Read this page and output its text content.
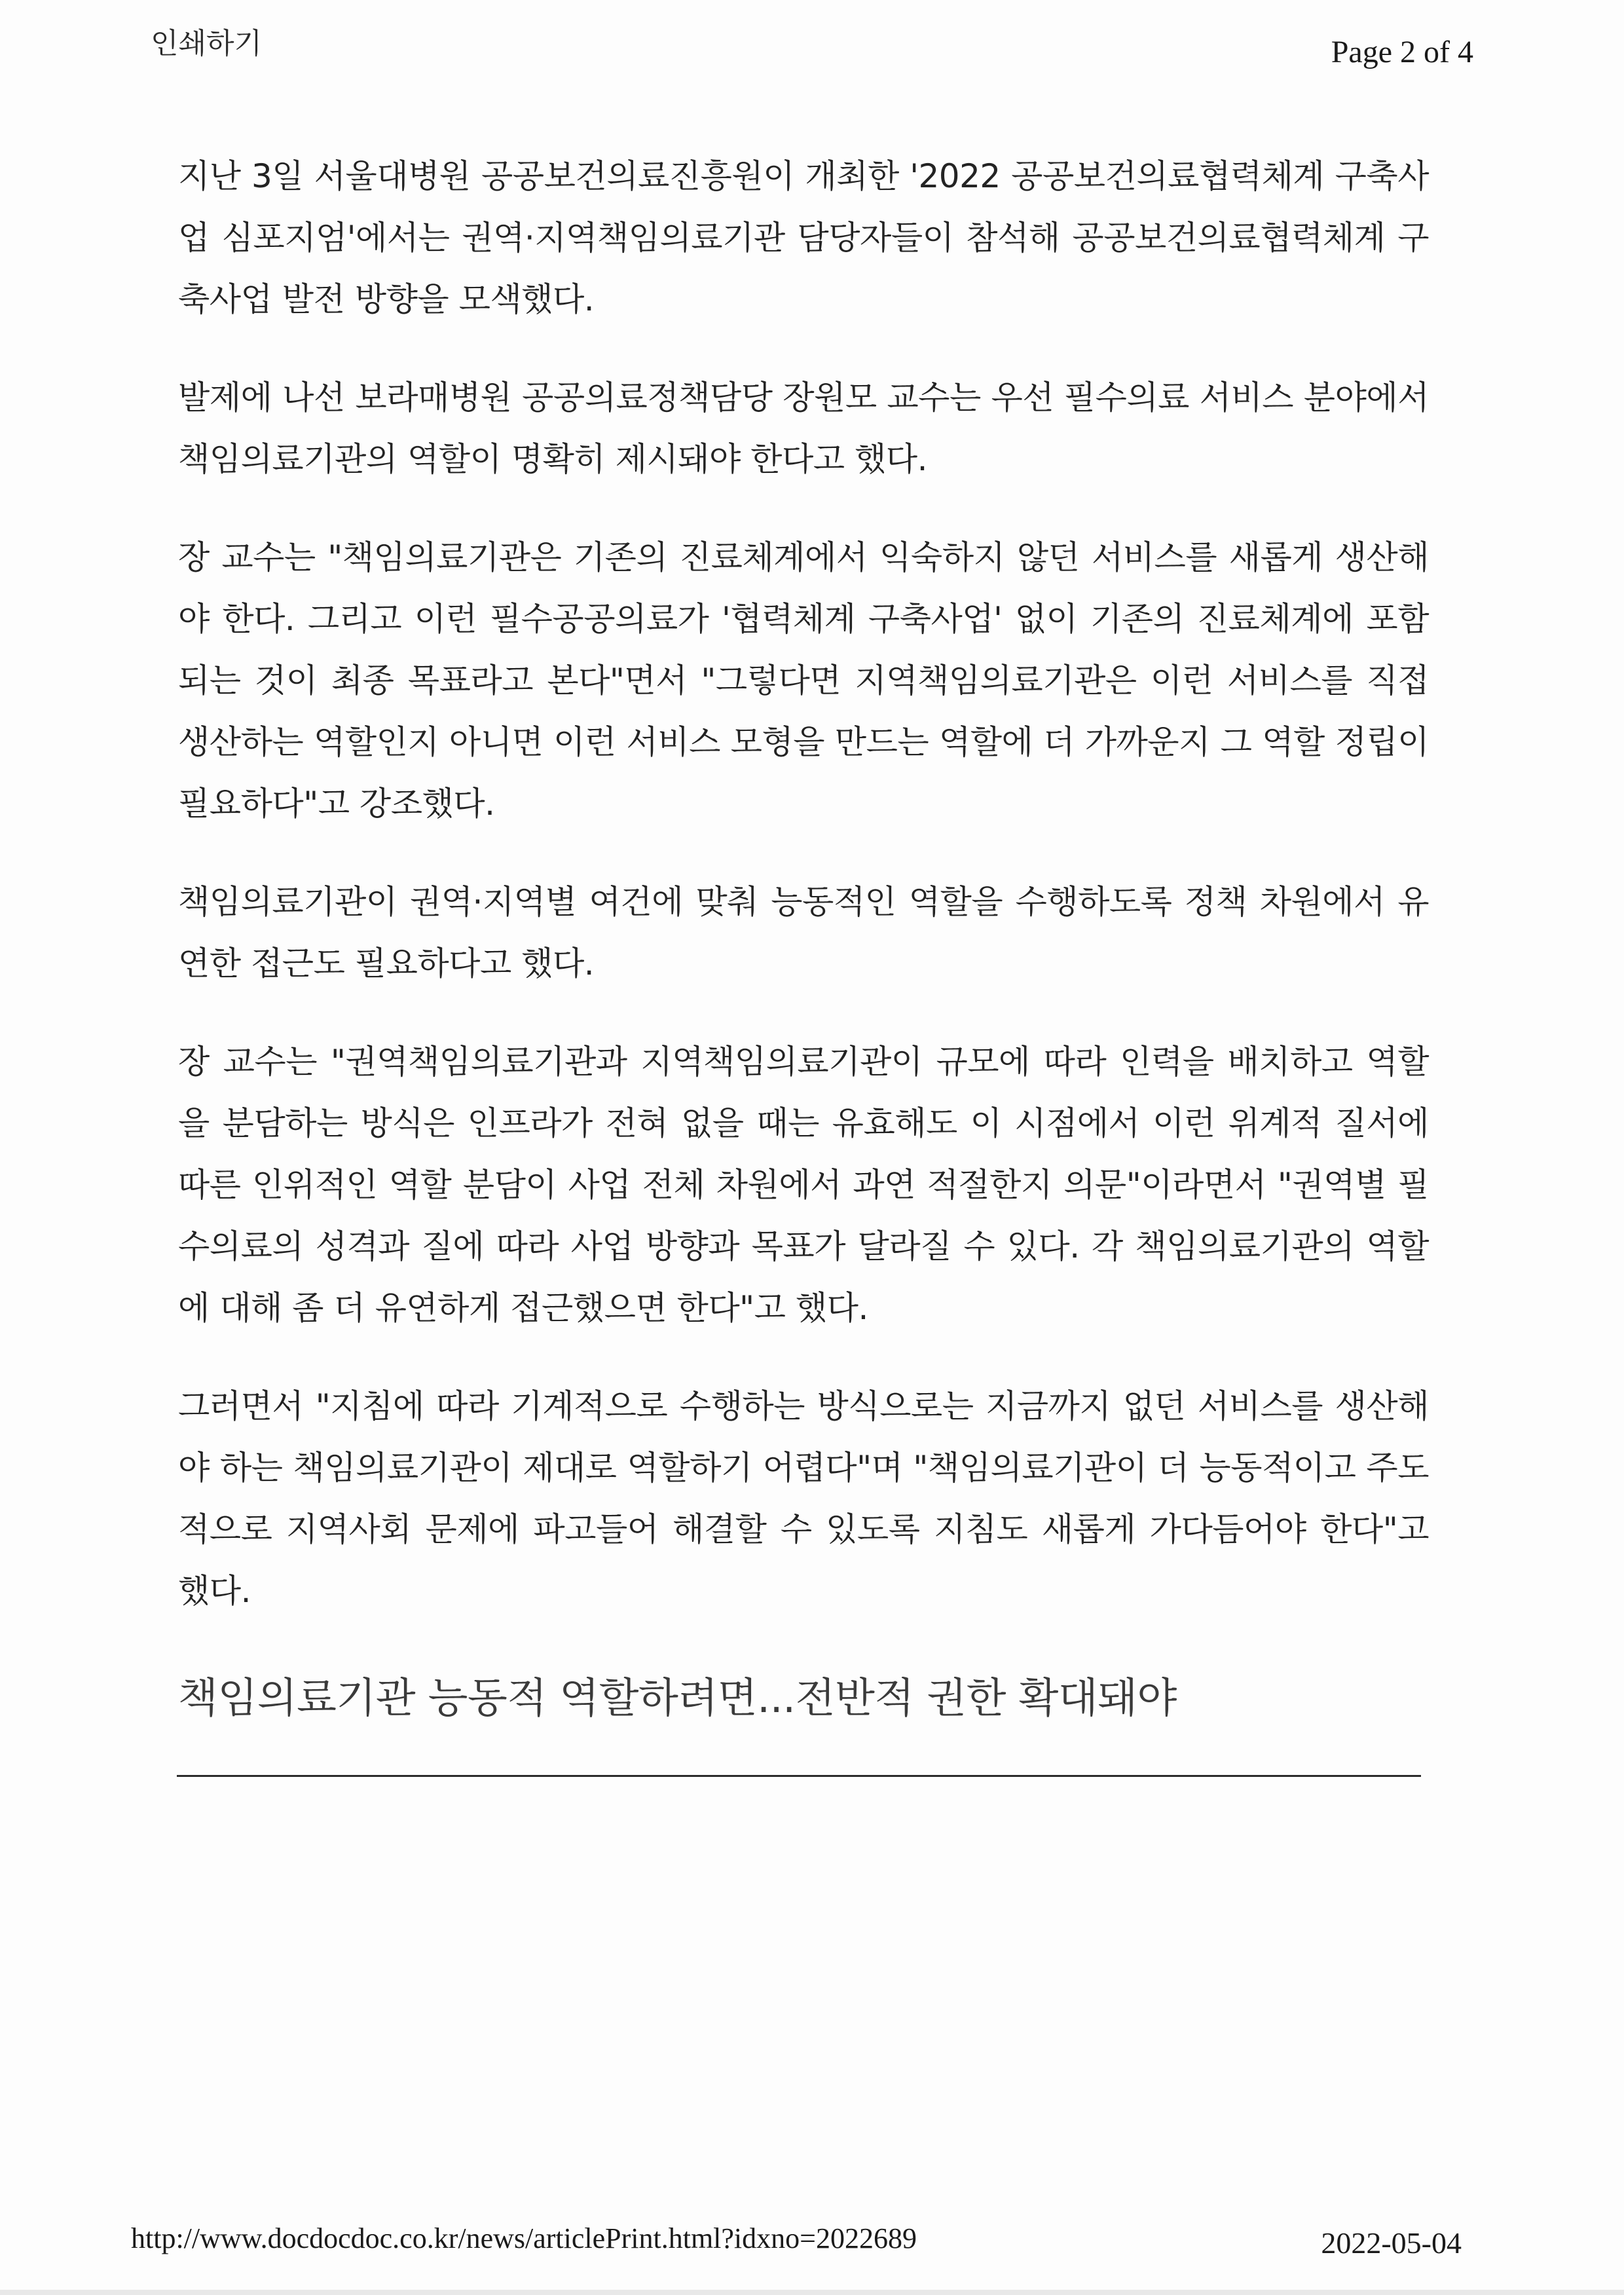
인쇄하기	Page 2 of 4

지난 3일 서울대병원 공공보건의료진흥원이 개최한 '2022 공공보건의료협력체계 구축사업 심포지엄'에서는 권역·지역책임의료기관 담당자들이 참석해 공공보건의료협력체계 구축사업 발전 방향을 모색했다.

발제에 나선 보라매병원 공공의료정책담당 장원모 교수는 우선 필수의료 서비스 분야에서 책임의료기관의 역할이 명확히 제시돼야 한다고 했다.

장 교수는 "책임의료기관은 기존의 진료체계에서 익숙하지 않던 서비스를 새롭게 생산해야 한다. 그리고 이런 필수공공의료가 '협력체계 구축사업' 없이 기존의 진료체계에 포함되는 것이 최종 목표라고 본다"면서 "그렇다면 지역책임의료기관은 이런 서비스를 직접 생산하는 역할인지 아니면 이런 서비스 모형을 만드는 역할에 더 가까운지 그 역할 정립이 필요하다"고 강조했다.

책임의료기관이 권역·지역별 여건에 맞춰 능동적인 역할을 수행하도록 정책 차원에서 유연한 접근도 필요하다고 했다.

장 교수는 "권역책임의료기관과 지역책임의료기관이 규모에 따라 인력을 배치하고 역할을 분담하는 방식은 인프라가 전혀 없을 때는 유효해도 이 시점에서 이런 위계적 질서에 따른 인위적인 역할 분담이 사업 전체 차원에서 과연 적절한지 의문"이라면서 "권역별 필수의료의 성격과 질에 따라 사업 방향과 목표가 달라질 수 있다. 각 책임의료기관의 역할에 대해 좀 더 유연하게 접근했으면 한다"고 했다.

그러면서 "지침에 따라 기계적으로 수행하는 방식으로는 지금까지 없던 서비스를 생산해야 하는 책임의료기관이 제대로 역할하기 어렵다"며 "책임의료기관이 더 능동적이고 주도적으로 지역사회 문제에 파고들어 해결할 수 있도록 지침도 새롭게 가다듬어야 한다"고 했다.

책임의료기관 능동적 역할하려면...전반적 권한 확대돼야
http://www.docdocdoc.co.kr/news/articlePrint.html?idxno=2022689	2022-05-04
